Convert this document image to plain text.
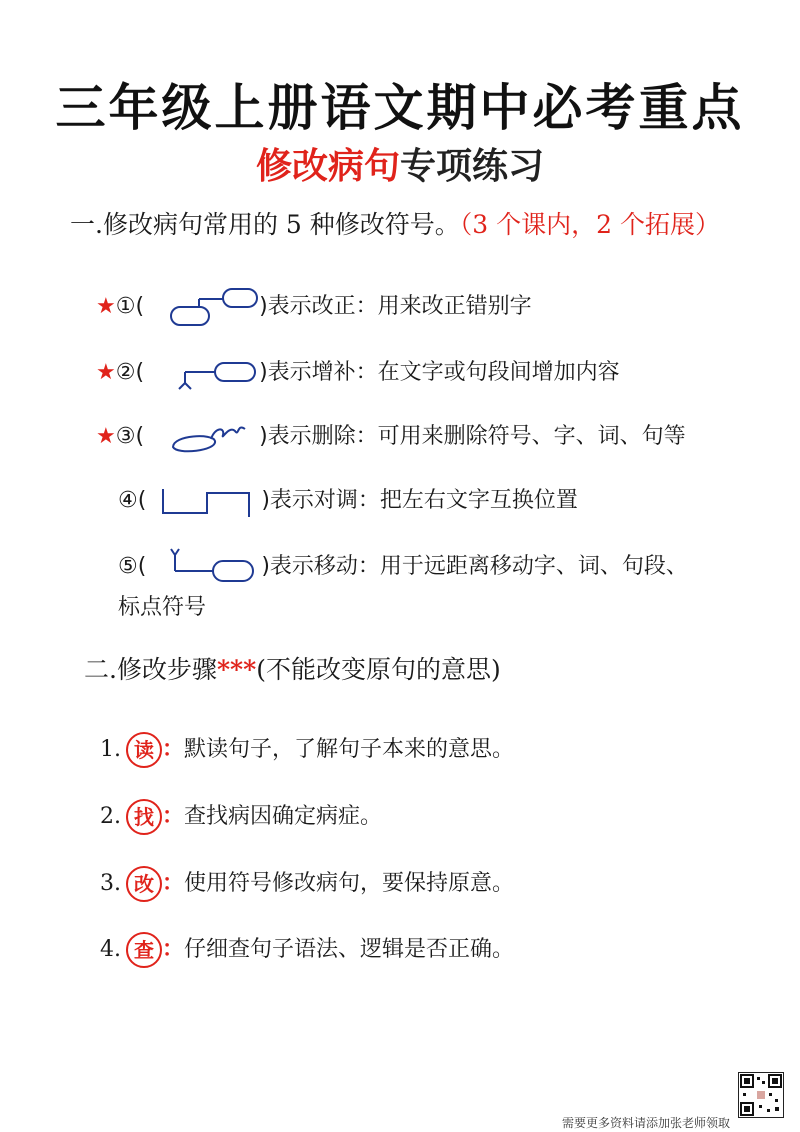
三年级上册语文期中必考重点
修改病句专项练习
一.修改病句常用的 5 种修改符号。（3 个课内，2 个拓展）
★①(	)表示改正：用来改正错别字
★②(	)表示增补：在文字或句段间增加内容
★③(	)表示删除：可用来删除符号、字、词、句等
④(	)表示对调：把左右文字互换位置
⑤(	)表示移动：用于远距离移动字、词、句段、
标点符号
二.修改步骤***(不能改变原句的意思)
1. 读 ：默读句子，了解句子本来的意思。
2. 找 ：查找病因确定病症。
3. 改 ：使用符号修改病句，要保持原意。
4. 查 ：仔细查句子语法、逻辑是否正确。
需要更多资料请添加张老师领取
